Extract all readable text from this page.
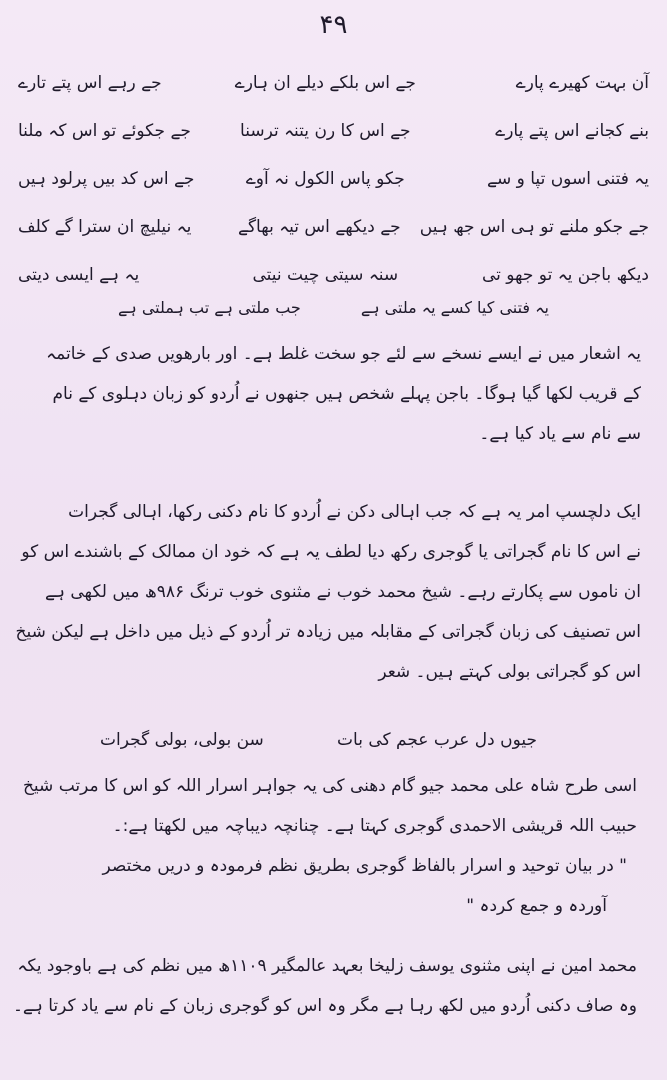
۴۹
آن بہت کھیرے پارے
جے اس بلکے دیلے ان ہارے
جے رہے اس پتے تارے
بنے کجانے اس پتے پارے
جے اس کا رن یتنہ ترسنا
جے جکوئے تو اس کہ ملنا
یہ فتنی اسوں تپا و سے
جکو پاس الکول نہ آوے
جے اس کد بیں پرلود ہیں
جے جکو ملنے تو ہی اس جھ ہیں
جے دیکھے اس تیہ بھاگے
یہ نیلیچ ان سترا گے کلف
دیکھ باجن یہ تو جھو تی
سنہ سیتی چیت نیتی
یہ ہے ایسی دیتی
یہ فتنی کیا کسے یہ ملتی ہے
جب ملتی ہے تب ہملتی ہے
یہ اشعار میں نے ایسے نسخے سے لئے جو سخت غلط ہے۔ اور بارھویں صدی کے خاتمہ
کے قریب لکھا گیا ہوگا۔ باجن پہلے شخص ہیں جنھوں نے اُردو کو زبان دہلوی کے نام
سے نام سے یاد کیا ہے۔
ایک دلچسپ امر یہ ہے کہ جب اہالی دکن نے اُردو کا نام دکنی رکھا، اہالی گجرات
نے اس کا نام گجراتی یا گوجری رکھ دیا لطف یہ ہے کہ خود ان ممالک کے باشندے اس کو
ان ناموں سے پکارتے رہے۔ شیخ محمد خوب نے مثنوی خوب ترنگ ۹۸۶ھ میں لکھی ہے
اس تصنیف کی زبان گجراتی کے مقابلہ میں زیادہ تر اُردو کے ذیل میں داخل ہے لیکن شیخ
اس کو گجراتی بولی کہتے ہیں۔ شعر
جیوں دل عرب عجم کی بات
سن بولی، بولی گجرات
اسی طرح شاہ علی محمد جیو گام دھنی کی یہ جواہر اسرار اللہ کو اس کا مرتب شیخ
حبیب اللہ قریشی الاحمدی گوجری کہتا ہے۔ چنانچہ دیباچہ میں لکھتا ہے:۔
" در بیان توحید و اسرار بالفاظ گوجری بطریق نظم فرمودہ و دریں مختصر
آوردہ و جمع کردہ "
محمد امین نے اپنی مثنوی یوسف زلیخا بعہد عالمگیر ۱۱۰۹ھ میں نظم کی ہے باوجود یکہ
وہ صاف دکنی اُردو میں لکھ رہا ہے مگر وہ اس کو گوجری زبان کے نام سے یاد کرتا ہے۔
